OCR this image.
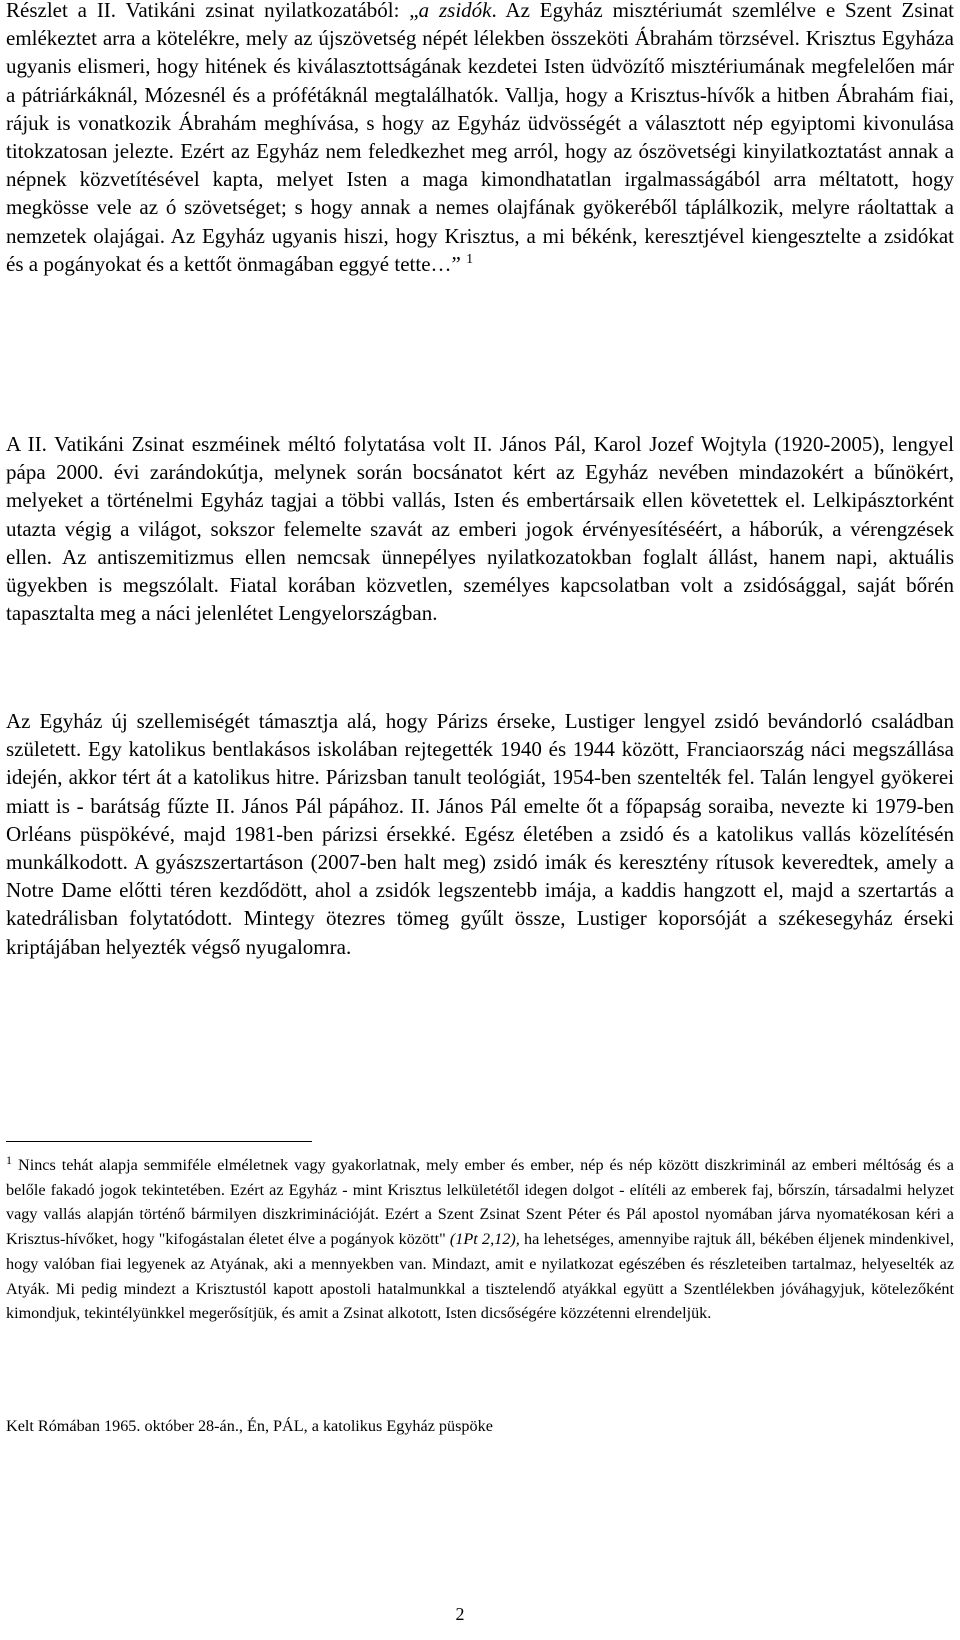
Részlet a II. Vatikáni zsinat nyilatkozatából: „a zsidók. Az Egyház misztériumát szemlélve e Szent Zsinat emlékeztet arra a kötelékre, mely az újszövetség népét lélekben összeköti Ábrahám törzsével. Krisztus Egyháza ugyanis elismeri, hogy hitének és kiválasztottságának kezdetei Isten üdvözítő misztériumának megfelelően már a pátriárkáknál, Mózesnél és a prófétáknál megtalálhatók. Vallja, hogy a Krisztus-hívők a hitben Ábrahám fiai, rájuk is vonatkozik Ábrahám meghívása, s hogy az Egyház üdvösségét a választott nép egyiptomi kivonulása titokzatosan jelezte. Ezért az Egyház nem feledkezhet meg arról, hogy az ószövetségi kinyilatkoztatást annak a népnek közvetítésével kapta, melyet Isten a maga kimondhatatlan irgalmasságából arra méltatott, hogy megkösse vele az ó szövetséget; s hogy annak a nemes olajfának gyökeréből táplálkozik, melyre ráoltattak a nemzetek olajágai. Az Egyház ugyanis hiszi, hogy Krisztus, a mi békénk, keresztjével kiengesztelte a zsidókat és a pogányokat és a kettőt önmagában eggyé tette…” $^1$

A II. Vatikáni Zsinat eszméinek méltó folytatása volt II. János Pál, Karol Jozef Wojtyla (1920-2005), lengyel pápa 2000. évi zarándokútja, melynek során bocsánatot kért az Egyház nevében mindazokért a bűnökért, melyeket a történelmi Egyház tagjai a többi vallás, Isten és embertársaik ellen követettek el. Lelkipásztorként utazta végig a világot, sokszor felemelte szavát az emberi jogok érvényesítéséért, a háborúk, a vérengzések ellen. Az antiszemitizmus ellen nemcsak ünnepélyes nyilatkozatokban foglalt állást, hanem napi, aktuális ügyekben is megszólalt. Fiatal korában közvetlen, személyes kapcsolatban volt a zsidósággal, saját bőrén tapasztalta meg a náci jelenlétet Lengyelországban.

Az Egyház új szellemiségét támasztja alá, hogy Párizs érseke, Lustiger lengyel zsidó bevándorló családban született. Egy katolikus bentlakásos iskolában rejtegették 1940 és 1944 között, Franciaország náci megszállása idején, akkor tért át a katolikus hitre. Párizsban tanult teológiát, 1954-ben szentelték fel. Talán lengyel gyökerei miatt is - barátság fűzte II. János Pál pápához. II. János Pál emelte őt a főpapság soraiba, nevezte ki 1979-ben Orléans püspökévé, majd 1981-ben párizsi érsekké. Egész életében a zsidó és a katolikus vallás közelítésén munkálkodott. A gyászszertartáson (2007-ben halt meg) zsidó imák és keresztény rítusok keveredtek, amely a Notre Dame előtti téren kezdődött, ahol a zsidók legszentebb imája, a kaddis hangzott el, majd a szertartás a katedrálisban folytatódott. Mintegy ötezres tömeg gyűlt össze, Lustiger koporsóját a székesegyház érseki kriptájában helyezték végső nyugalomra.

$^1$ Nincs tehát alapja semmiféle elméletnek vagy gyakorlatnak, mely ember és ember, nép és nép között diszkriminál az emberi méltóság és a belőle fakadó jogok tekintetében. Ezért az Egyház - mint Krisztus lelkületétől idegen dolgot - elítéli az emberek faj, bőrszín, társadalmi helyzet vagy vallás alapján történő bármilyen diszkriminációját. Ezért a Szent Zsinat Szent Péter és Pál apostol nyomában járva nyomatékosan kéri a Krisztus-hívőket, hogy "kifogástalan életet élve a pogányok között" (1Pt 2,12), ha lehetséges, amennyibe rajtuk áll, békében éljenek mindenkivel, hogy valóban fiai legyenek az Atyának, aki a mennyekben van. Mindazt, amit e nyilatkozat egészében és részleteiben tartalmaz, helyeselték az Atyák. Mi pedig mindezt a Krisztustól kapott apostoli hatalmunkkal a tisztelendő atyákkal együtt a Szentlélekben jóváhagyjuk, kötelezőként kimondjuk, tekintélyünkkel megerősítjük, és amit a Zsinat alkotott, Isten dicsőségére közzétenni elrendeljük.

Kelt Rómában 1965. október 28-án., Én, PÁL, a katolikus Egyház püspöke

2
